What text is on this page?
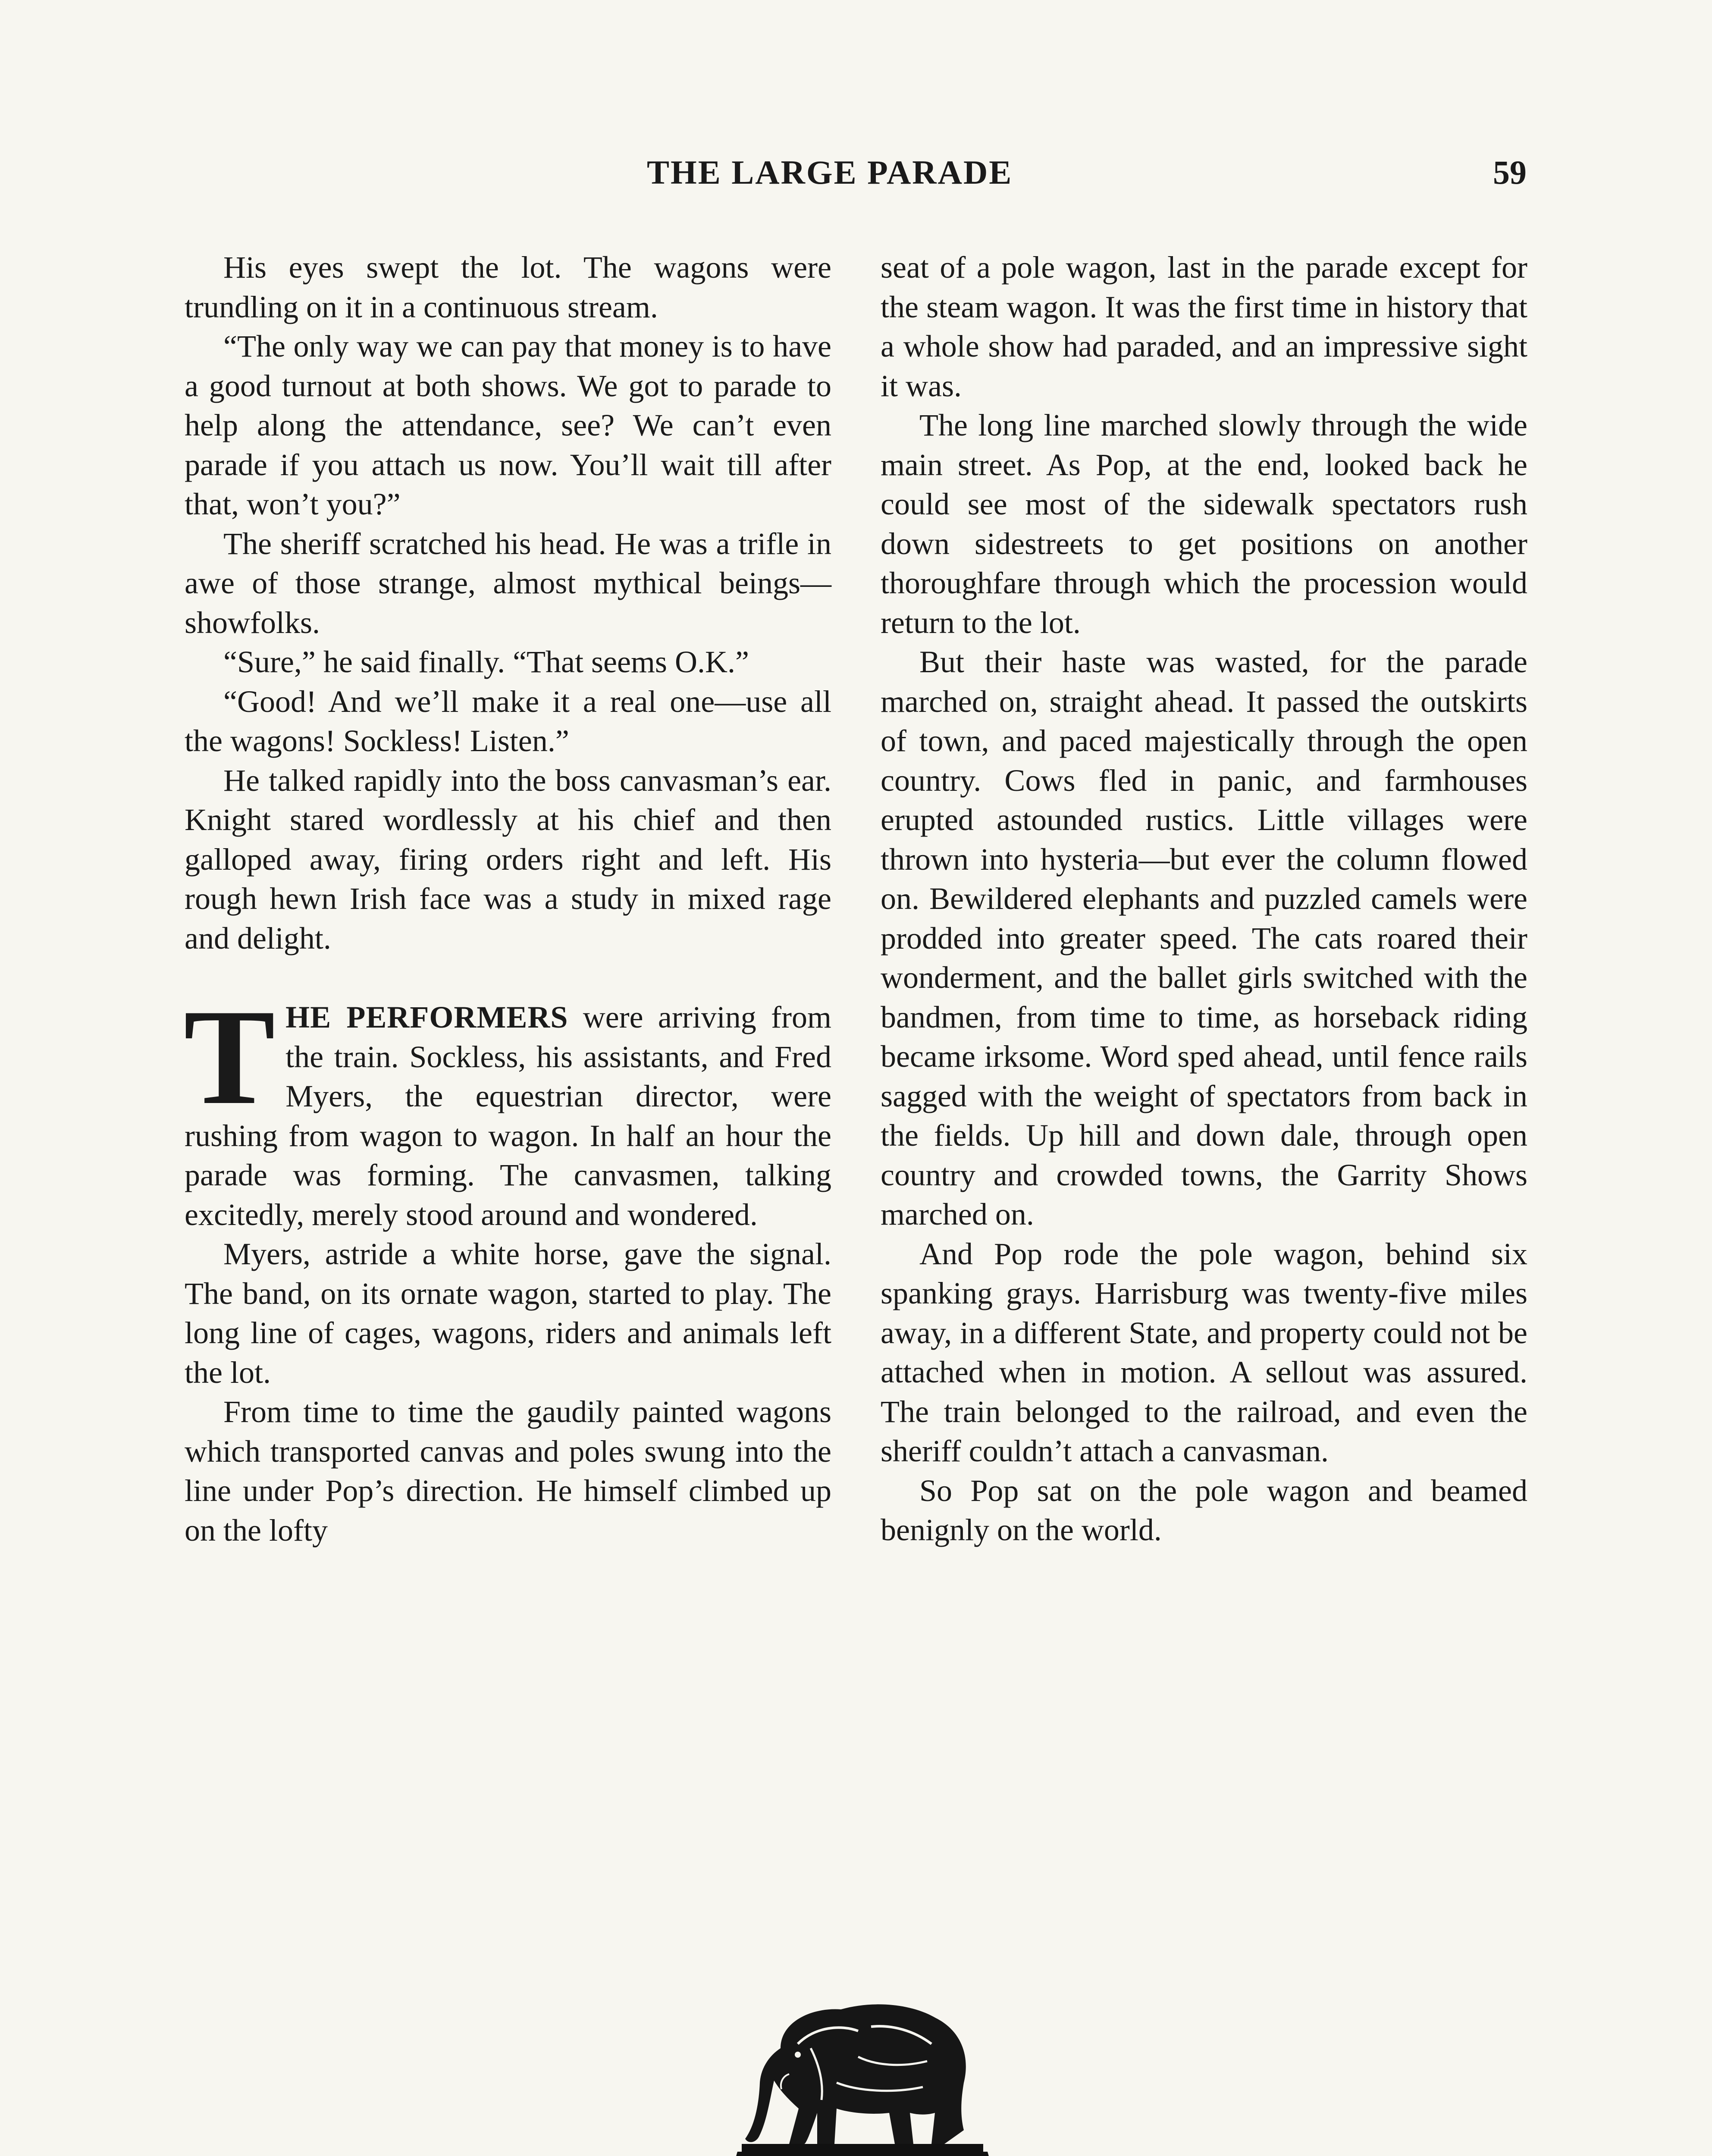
THE LARGE PARADE	59

His eyes swept the lot. The wagons were trundling on it in a continuous stream.

“The only way we can pay that money is to have a good turnout at both shows. We got to parade to help along the attendance, see? We can’t even parade if you attach us now. You’ll wait till after that, won’t you?”

The sheriff scratched his head. He was a trifle in awe of those strange, almost mythical beings—showfolks.

“Sure,” he said finally. “That seems O.K.”

“Good! And we’ll make it a real one—use all the wagons! Sockless! Listen.”

He talked rapidly into the boss canvasman’s ear. Knight stared wordlessly at his chief and then galloped away, firing orders right and left. His rough hewn Irish face was a study in mixed rage and delight.

THE PERFORMERS were arriving from the train. Sockless, his assistants, and Fred Myers, the equestrian director, were rushing from wagon to wagon. In half an hour the parade was forming. The canvasmen, talking excitedly, merely stood around and wondered.

Myers, astride a white horse, gave the signal. The band, on its ornate wagon, started to play. The long line of cages, wagons, riders and animals left the lot.

From time to time the gaudily painted wagons which transported canvas and poles swung into the line under Pop’s direction. He himself climbed up on the lofty

seat of a pole wagon, last in the parade except for the steam wagon. It was the first time in history that a whole show had paraded, and an impressive sight it was.

The long line marched slowly through the wide main street. As Pop, at the end, looked back he could see most of the sidewalk spectators rush down sidestreets to get positions on another thoroughfare through which the procession would return to the lot.

But their haste was wasted, for the parade marched on, straight ahead. It passed the outskirts of town, and paced majestically through the open country. Cows fled in panic, and farmhouses erupted astounded rustics. Little villages were thrown into hysteria—but ever the column flowed on. Bewildered elephants and puzzled camels were prodded into greater speed. The cats roared their wonderment, and the ballet girls switched with the bandmen, from time to time, as horseback riding became irksome. Word sped ahead, until fence rails sagged with the weight of spectators from back in the fields. Up hill and down dale, through open country and crowded towns, the Garrity Shows marched on.

And Pop rode the pole wagon, behind six spanking grays. Harrisburg was twenty-five miles away, in a different State, and property could not be attached when in motion. A sellout was assured. The train belonged to the railroad, and even the sheriff couldn’t attach a canvasman.

So Pop sat on the pole wagon and beamed benignly on the world.
